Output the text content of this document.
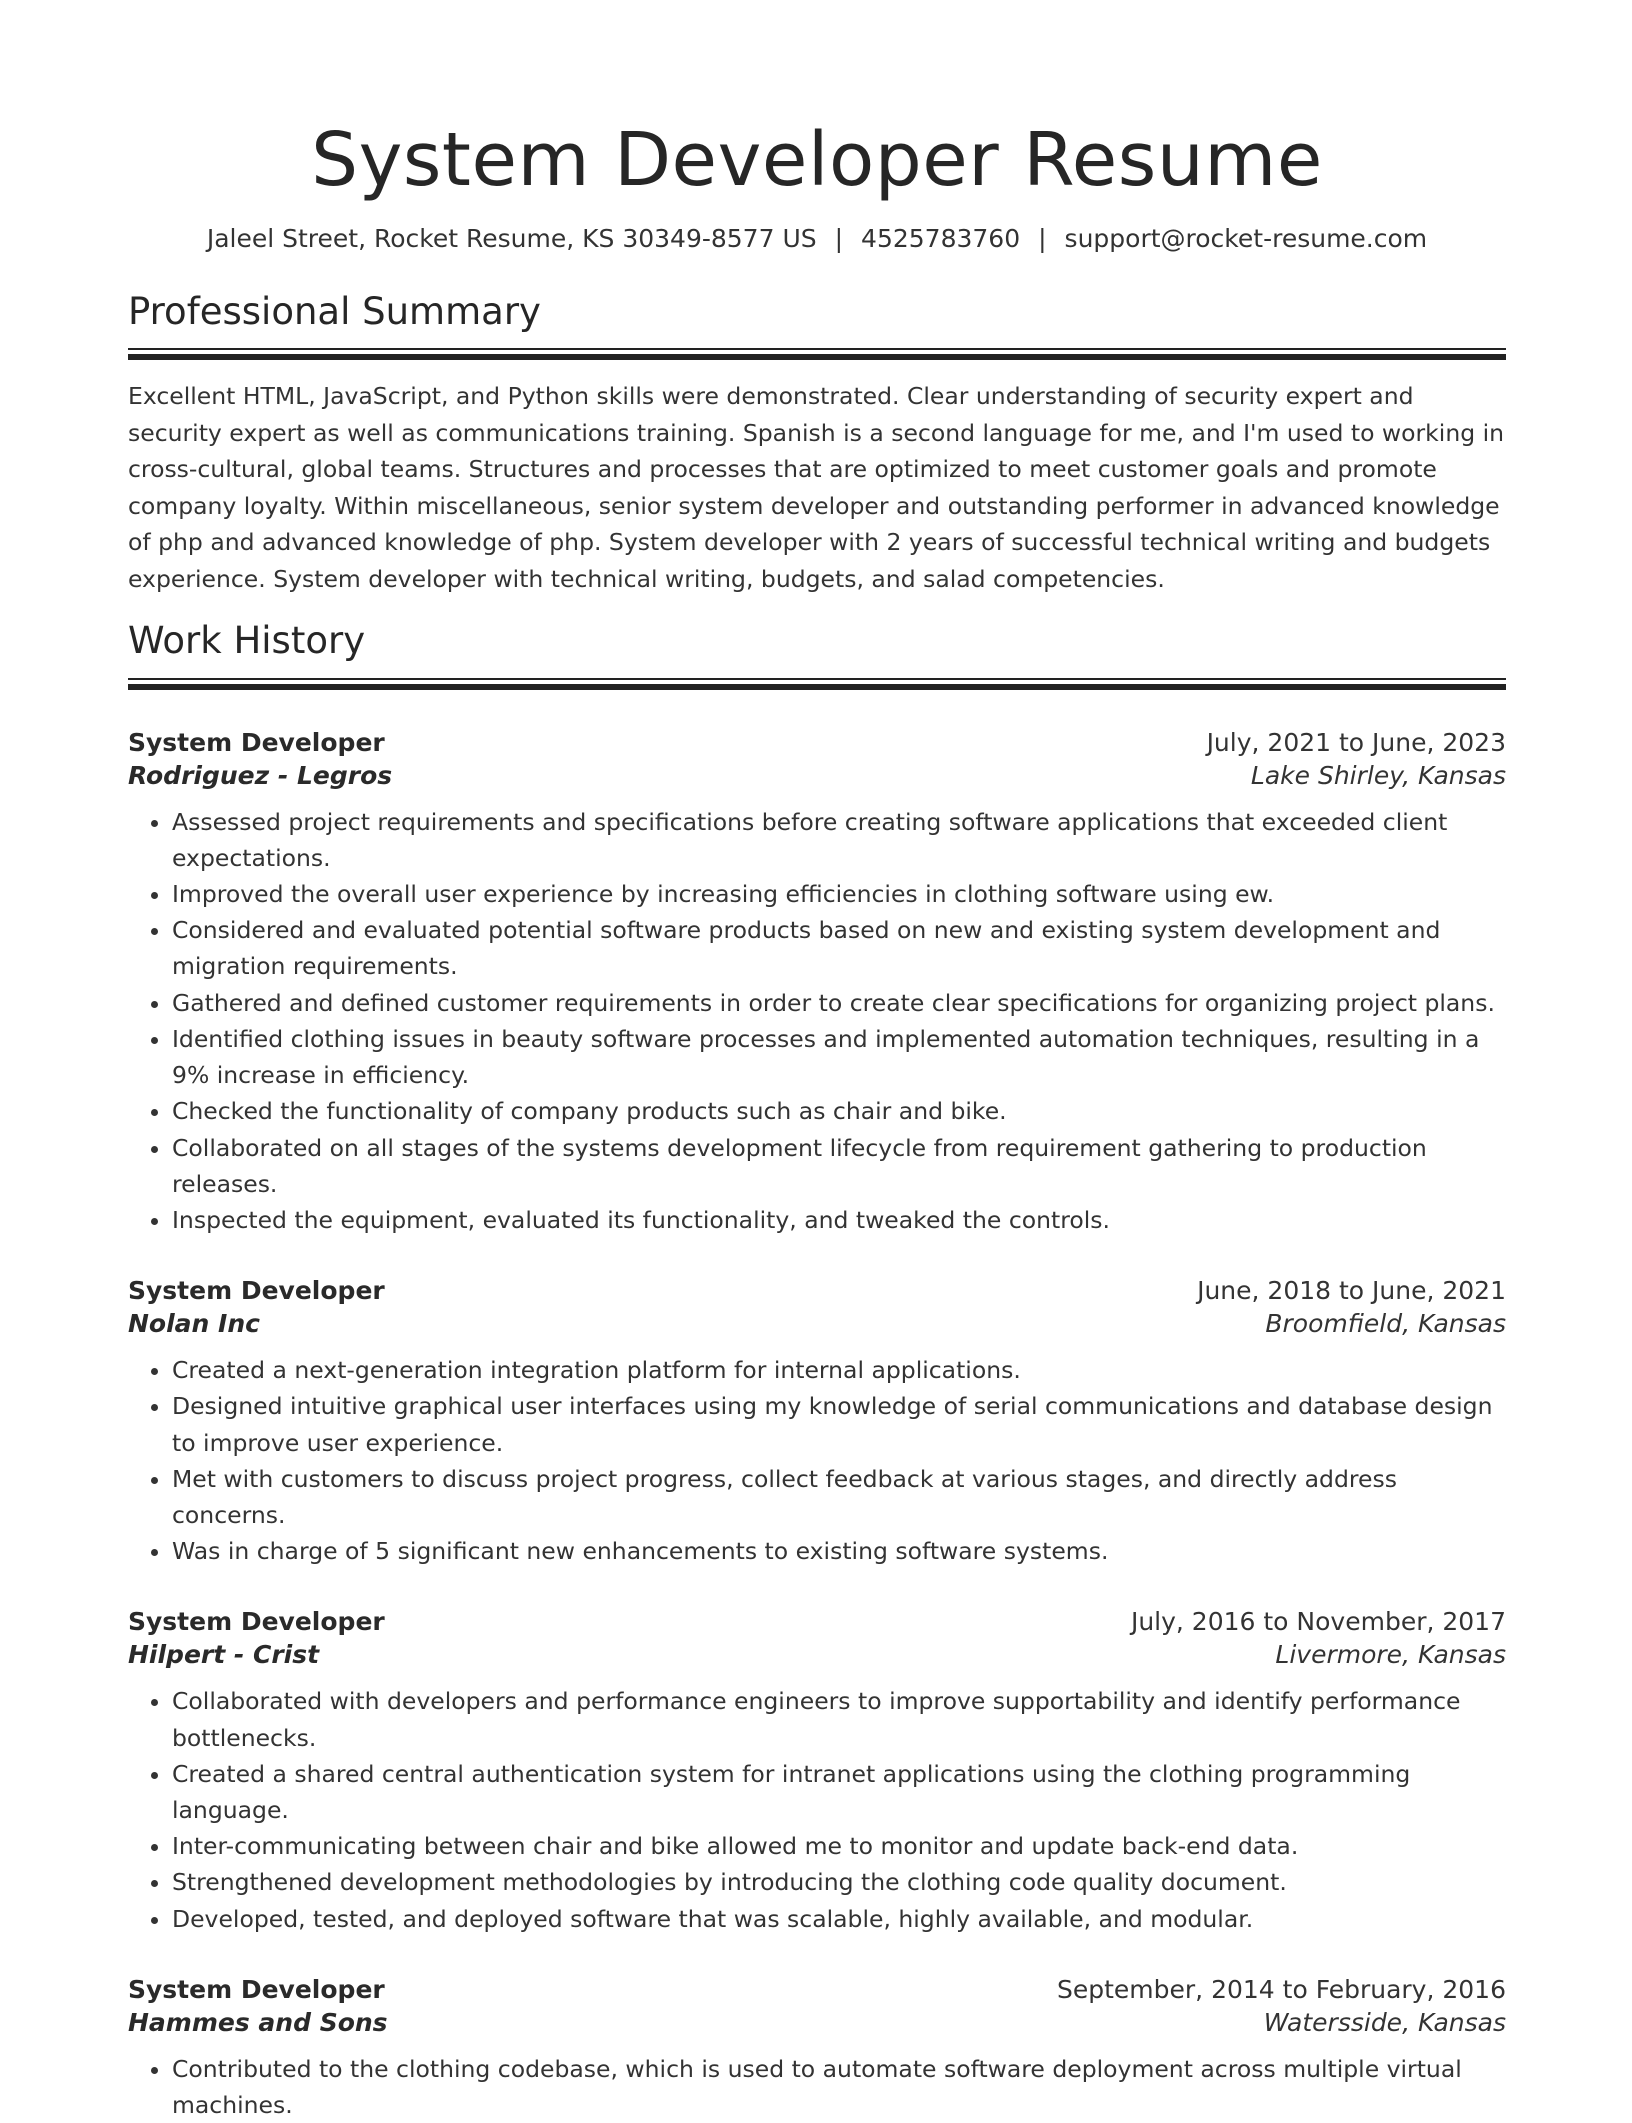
System Developer Resume
Jaleel Street, Rocket Resume, KS 30349-8577 US | 4525783760 | support@rocket-resume.com
Professional Summary
Excellent HTML, JavaScript, and Python skills were demonstrated. Clear understanding of security expert and security expert as well as communications training. Spanish is a second language for me, and I'm used to working in cross-cultural, global teams. Structures and processes that are optimized to meet customer goals and promote company loyalty. Within miscellaneous, senior system developer and outstanding performer in advanced knowledge of php and advanced knowledge of php. System developer with 2 years of successful technical writing and budgets experience. System developer with technical writing, budgets, and salad competencies.
Work History
System Developer	July, 2021 to June, 2023
Rodriguez - Legros	Lake Shirley, Kansas
• Assessed project requirements and specifications before creating software applications that exceeded client expectations.
• Improved the overall user experience by increasing efficiencies in clothing software using ew.
• Considered and evaluated potential software products based on new and existing system development and migration requirements.
• Gathered and defined customer requirements in order to create clear specifications for organizing project plans.
• Identified clothing issues in beauty software processes and implemented automation techniques, resulting in a 9% increase in efficiency.
• Checked the functionality of company products such as chair and bike.
• Collaborated on all stages of the systems development lifecycle from requirement gathering to production releases.
• Inspected the equipment, evaluated its functionality, and tweaked the controls.
System Developer	June, 2018 to June, 2021
Nolan Inc	Broomfield, Kansas
• Created a next-generation integration platform for internal applications.
• Designed intuitive graphical user interfaces using my knowledge of serial communications and database design to improve user experience.
• Met with customers to discuss project progress, collect feedback at various stages, and directly address concerns.
• Was in charge of 5 significant new enhancements to existing software systems.
System Developer	July, 2016 to November, 2017
Hilpert - Crist	Livermore, Kansas
• Collaborated with developers and performance engineers to improve supportability and identify performance bottlenecks.
• Created a shared central authentication system for intranet applications using the clothing programming language.
• Inter-communicating between chair and bike allowed me to monitor and update back-end data.
• Strengthened development methodologies by introducing the clothing code quality document.
• Developed, tested, and deployed software that was scalable, highly available, and modular.
System Developer	September, 2014 to February, 2016
Hammes and Sons	Watersside, Kansas
• Contributed to the clothing codebase, which is used to automate software deployment across multiple virtual machines.
